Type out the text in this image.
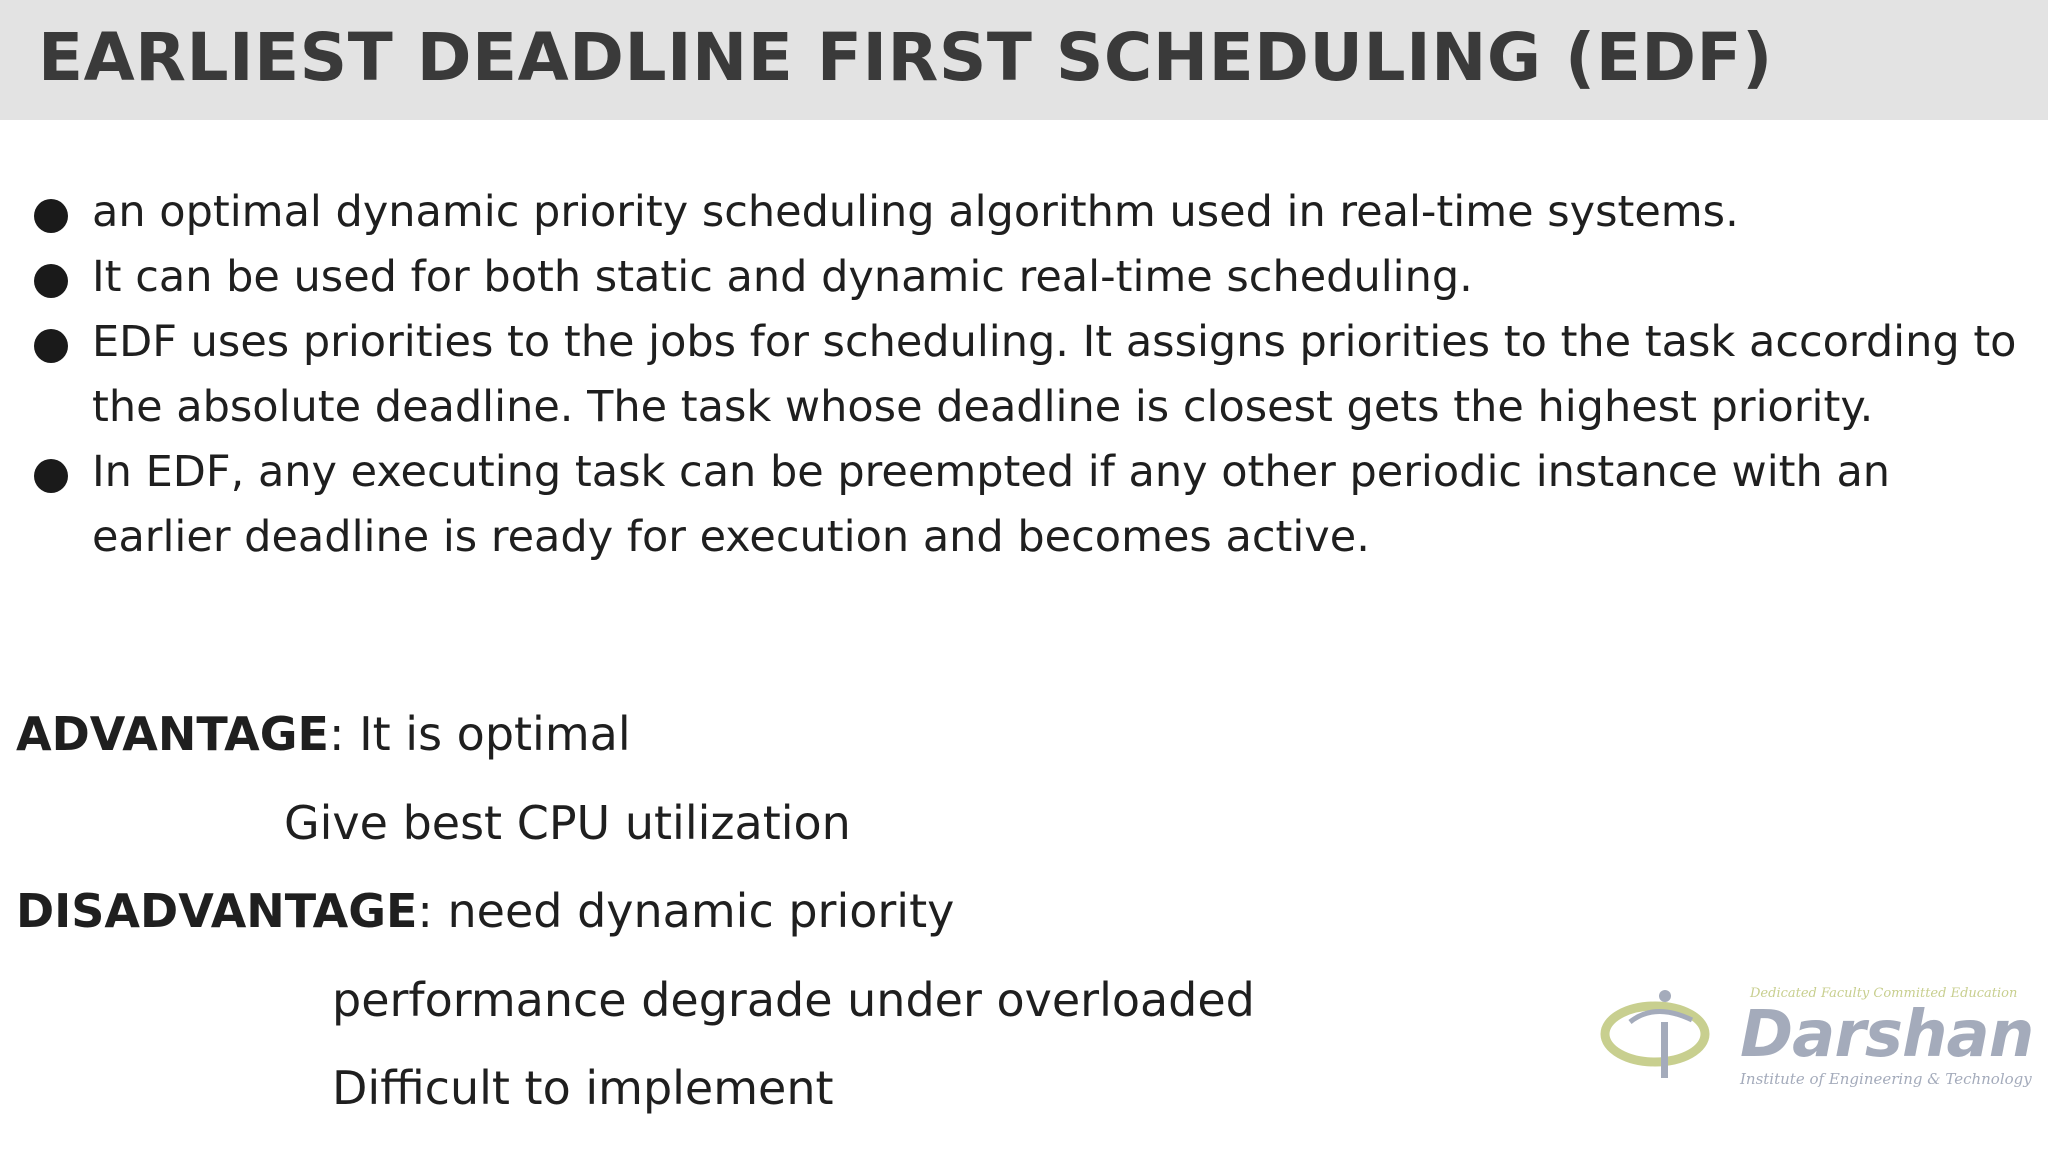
EARLIEST DEADLINE FIRST SCHEDULING (EDF)
an optimal dynamic priority scheduling algorithm used in real-time systems.
It can be used for both static and dynamic real-time scheduling.
EDF uses priorities to the jobs for scheduling. It assigns priorities to the task according to the absolute deadline. The task whose deadline is closest gets the highest priority.
In EDF, any executing task can be preempted if any other periodic instance with an earlier deadline is ready for execution and becomes active.
ADVANTAGE: It is optimal
Give best CPU utilization
DISADVANTAGE: need dynamic priority
performance degrade under overloaded
Difficult to implement
Dedicated Faculty Committed Education
Darshan
Institute of Engineering & Technology
